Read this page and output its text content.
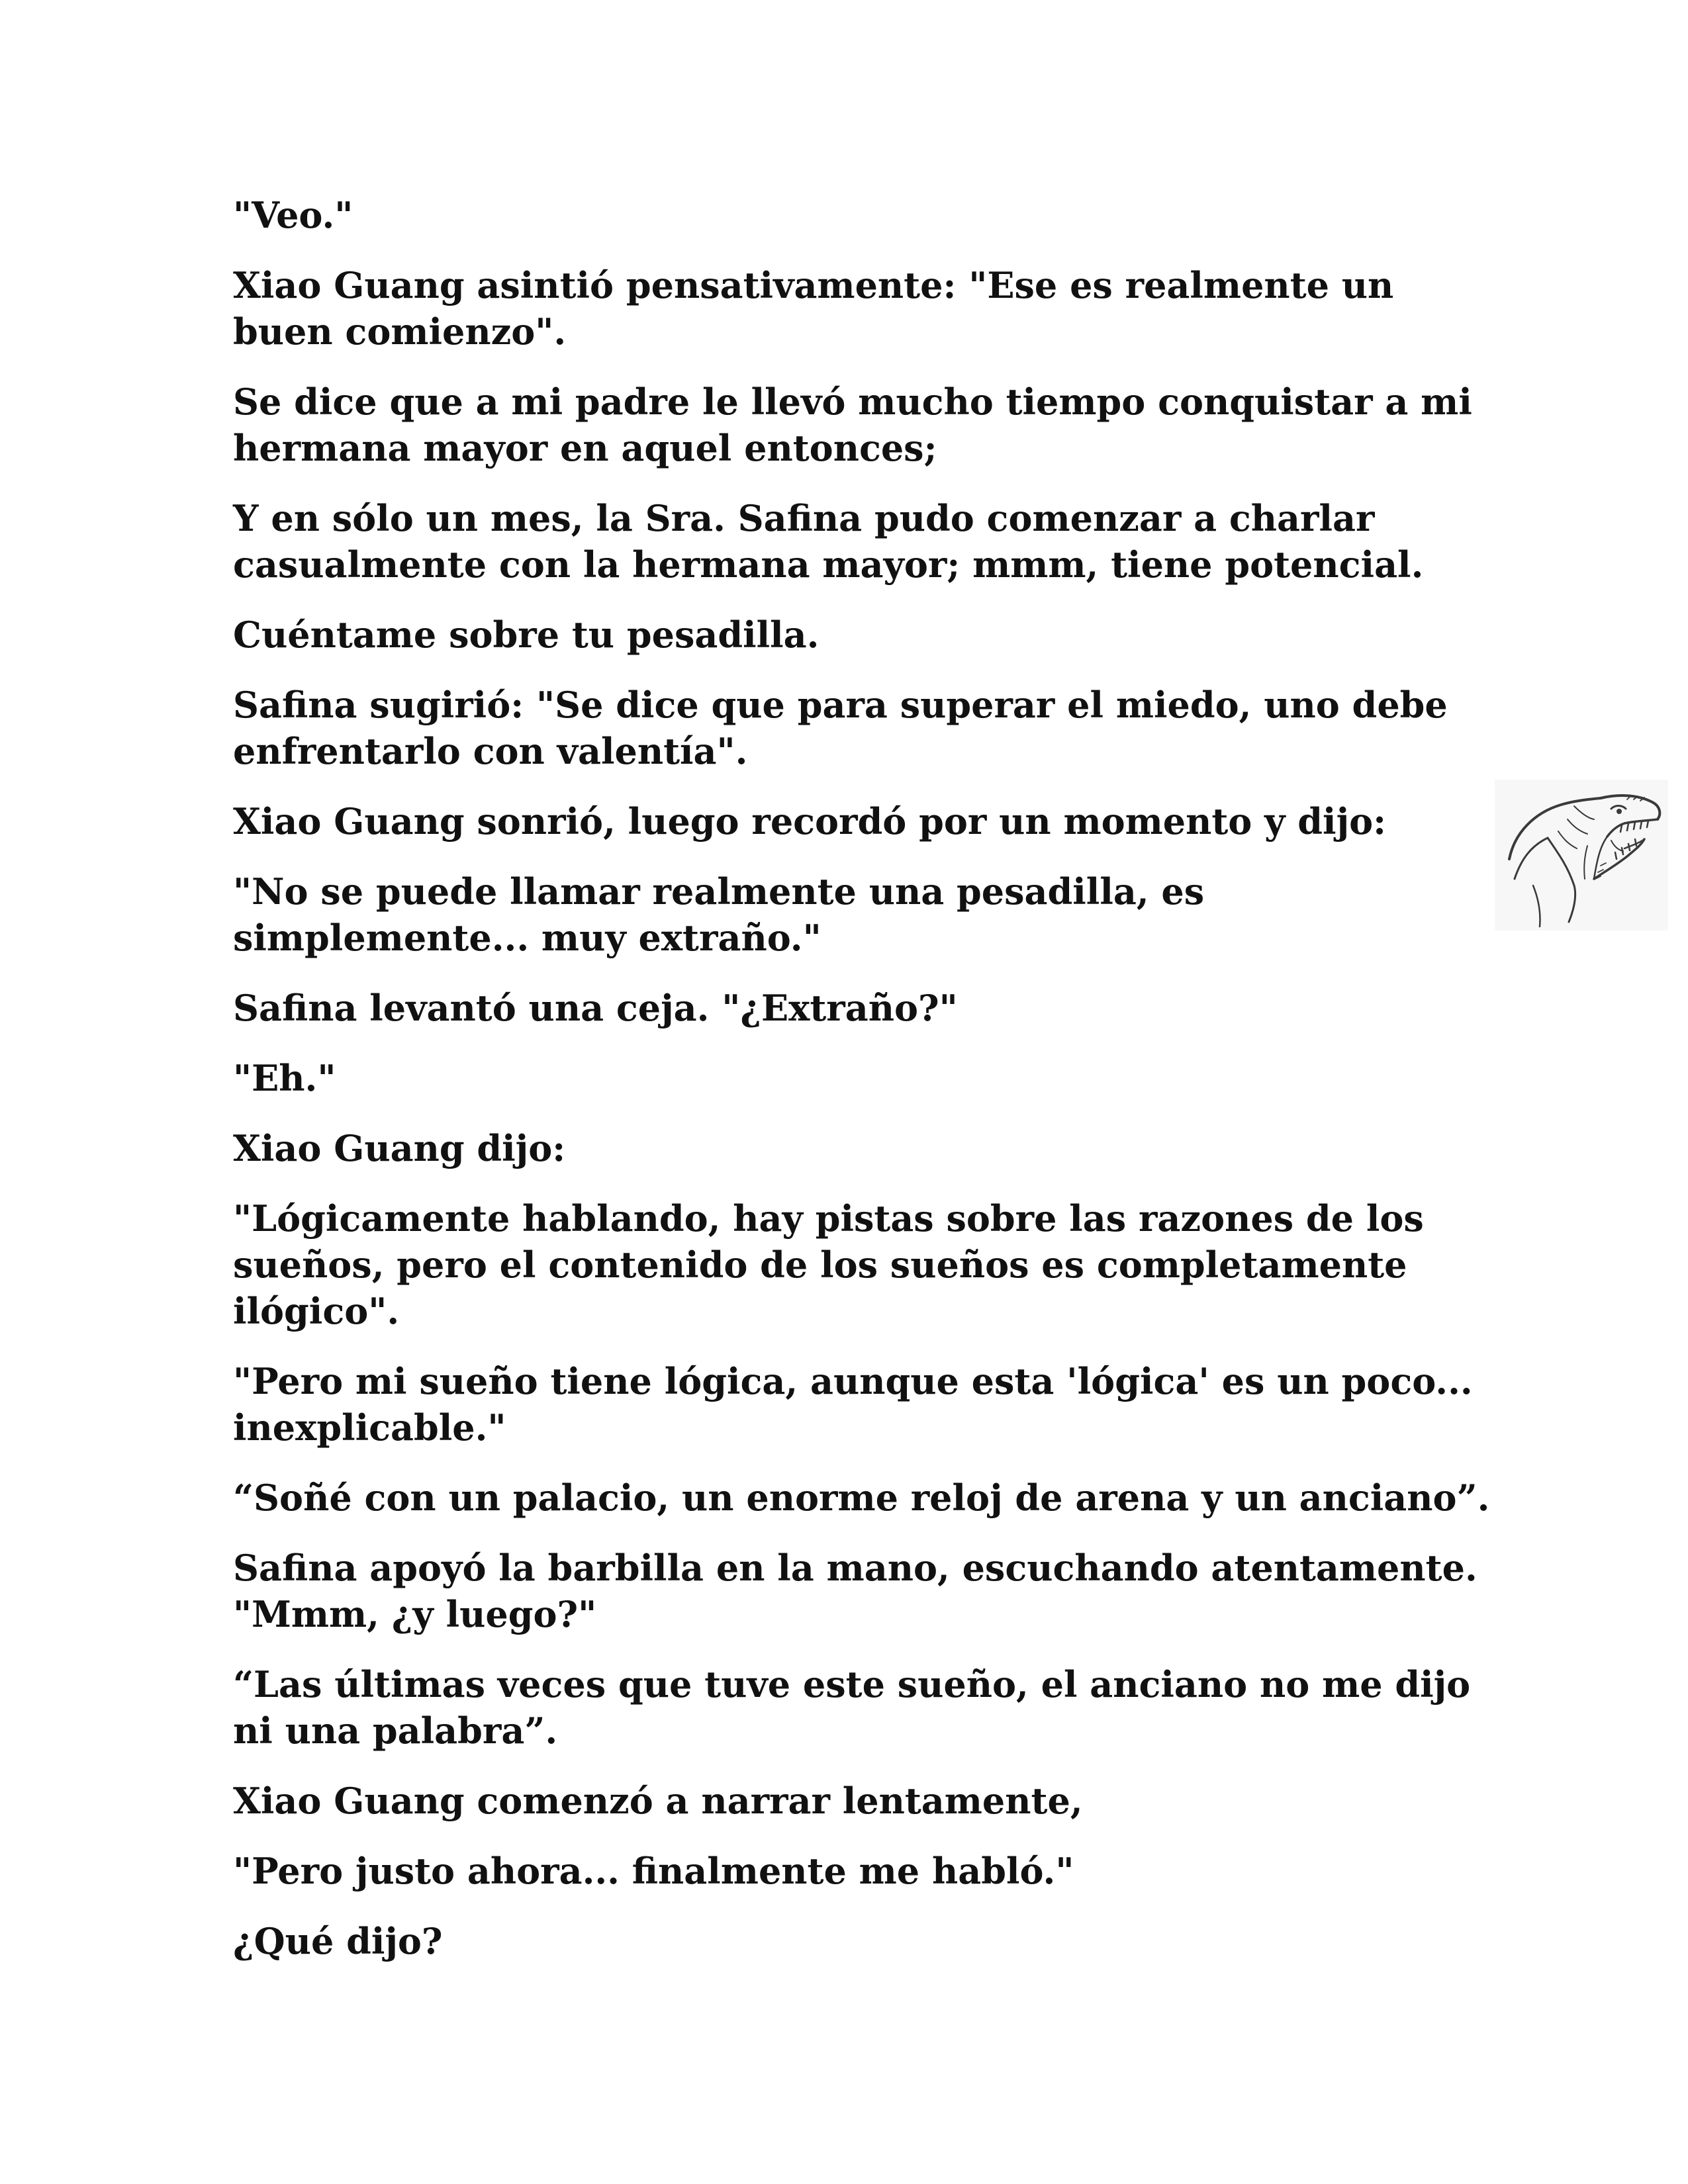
"Veo."

Xiao Guang asintió pensativamente: "Ese es realmente un
buen comienzo".

Se dice que a mi padre le llevó mucho tiempo conquistar a mi
hermana mayor en aquel entonces;

Y en sólo un mes, la Sra. Safina pudo comenzar a charlar
casualmente con la hermana mayor; mmm, tiene potencial.

Cuéntame sobre tu pesadilla.

Safina sugirió: "Se dice que para superar el miedo, uno debe
enfrentarlo con valentía".

Xiao Guang sonrió, luego recordó por un momento y dijo:

"No se puede llamar realmente una pesadilla, es
simplemente... muy extraño."

Safina levantó una ceja. "¿Extraño?"

"Eh."

Xiao Guang dijo:

"Lógicamente hablando, hay pistas sobre las razones de los
sueños, pero el contenido de los sueños es completamente
ilógico".

"Pero mi sueño tiene lógica, aunque esta 'lógica' es un poco...
inexplicable."

“Soñé con un palacio, un enorme reloj de arena y un anciano”.

Safina apoyó la barbilla en la mano, escuchando atentamente.
"Mmm, ¿y luego?"

“Las últimas veces que tuve este sueño, el anciano no me dijo
ni una palabra”.

Xiao Guang comenzó a narrar lentamente,

"Pero justo ahora... finalmente me habló."

¿Qué dijo?
